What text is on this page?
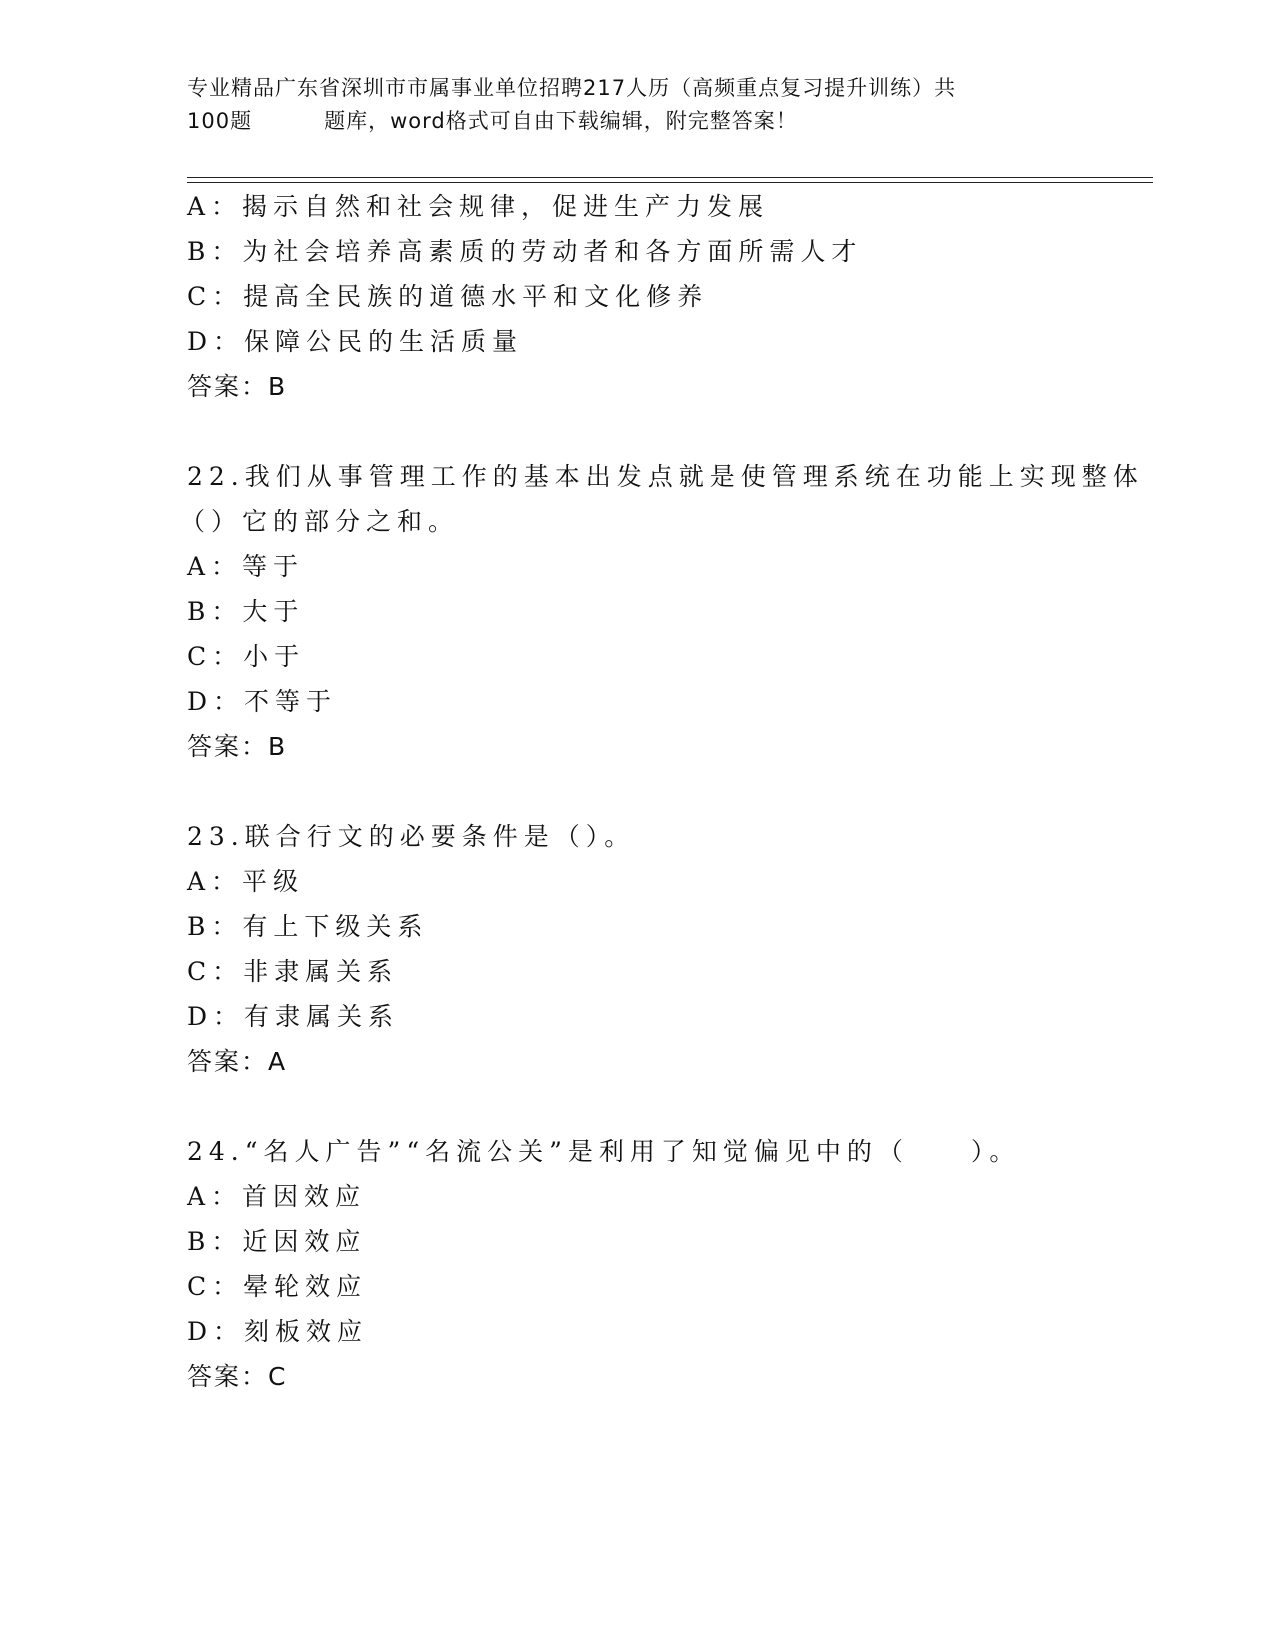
专业精品广东省深圳市市属事业单位招聘217人历（高频重点复习提升训练）共
100题	题库，word格式可自由下载编辑，附完整答案！
A：揭示自然和社会规律，促进生产力发展
B：为社会培养高素质的劳动者和各方面所需人才
C：提高全民族的道德水平和文化修养
D：保障公民的生活质量
答案：B
22.我们从事管理工作的基本出发点就是使管理系统在功能上实现整体
（）它的部分之和。
A：等于
B：大于
C：小于
D：不等于
答案：B
23.联合行文的必要条件是（）。
A：平级
B：有上下级关系
C：非隶属关系
D：有隶属关系
答案：A
24.“名人广告”“名流公关”是利用了知觉偏见中的（　　）。
A：首因效应
B：近因效应
C：晕轮效应
D：刻板效应
答案：C
